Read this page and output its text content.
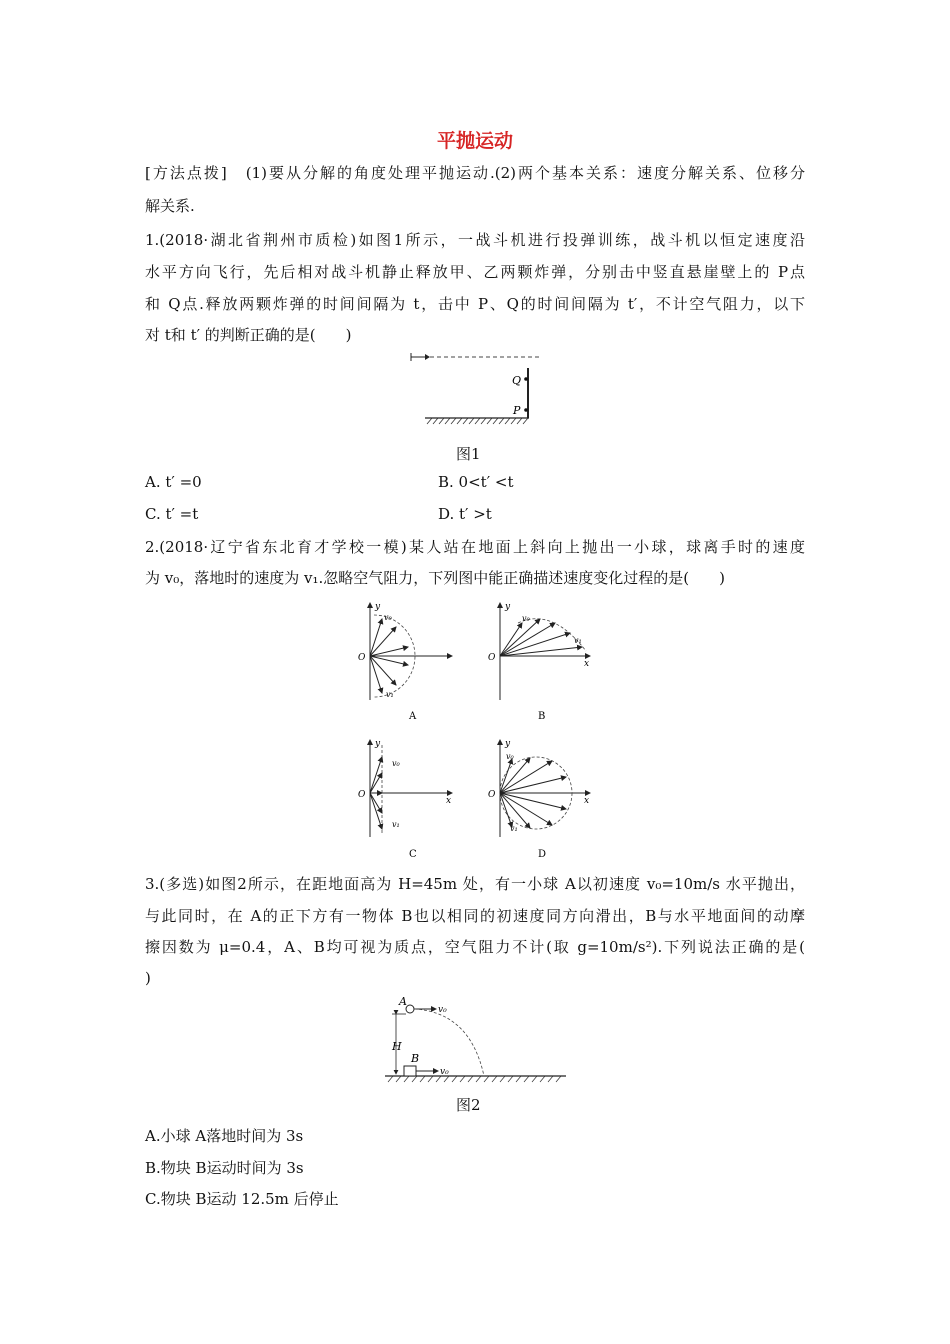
平抛运动
[方法点拨]　(1)要从分解的角度处理平抛运动.(2)两个基本关系：速度分解关系、位移分
解关系.
1.(2018·湖北省荆州市质检)如图1所示，一战斗机进行投弹训练，战斗机以恒定速度沿
水平方向飞行，先后相对战斗机静止释放甲、乙两颗炸弹，分别击中竖直悬崖壁上的 P点
和 Q点.释放两颗炸弹的时间间隔为 t，击中 P、Q的时间间隔为 t′，不计空气阻力，以下
对 t和 t′ 的判断正确的是(　　)
Q
P
图1
A. t′ =0	B. 0<t′ <t
C. t′ =t	D. t′ >t
2.(2018·辽宁省东北育才学校一模)某人站在地面上斜向上抛出一小球，球离手时的速度
为 v₀，落地时的速度为 v₁.忽略空气阻力，下列图中能正确描述速度变化过程的是(　　)
y
O
v₀
v₁
A
y
O
x
v₀
v₁
B
y
O
x
v₀
v₁
C
y
O
x
v₀
v₁
D
3.(多选)如图2所示，在距地面高为 H=45m 处，有一小球 A以初速度 v₀=10m/s 水平抛出，
与此同时，在 A的正下方有一物体 B也以相同的初速度同方向滑出，B与水平地面间的动摩
擦因数为 μ=0.4，A、B均可视为质点，空气阻力不计(取 g=10m/s²).下列说法正确的是(
)
H
A
v₀
B
v₀
图2
A.小球 A落地时间为 3s
B.物块 B运动时间为 3s
C.物块 B运动 12.5m 后停止
